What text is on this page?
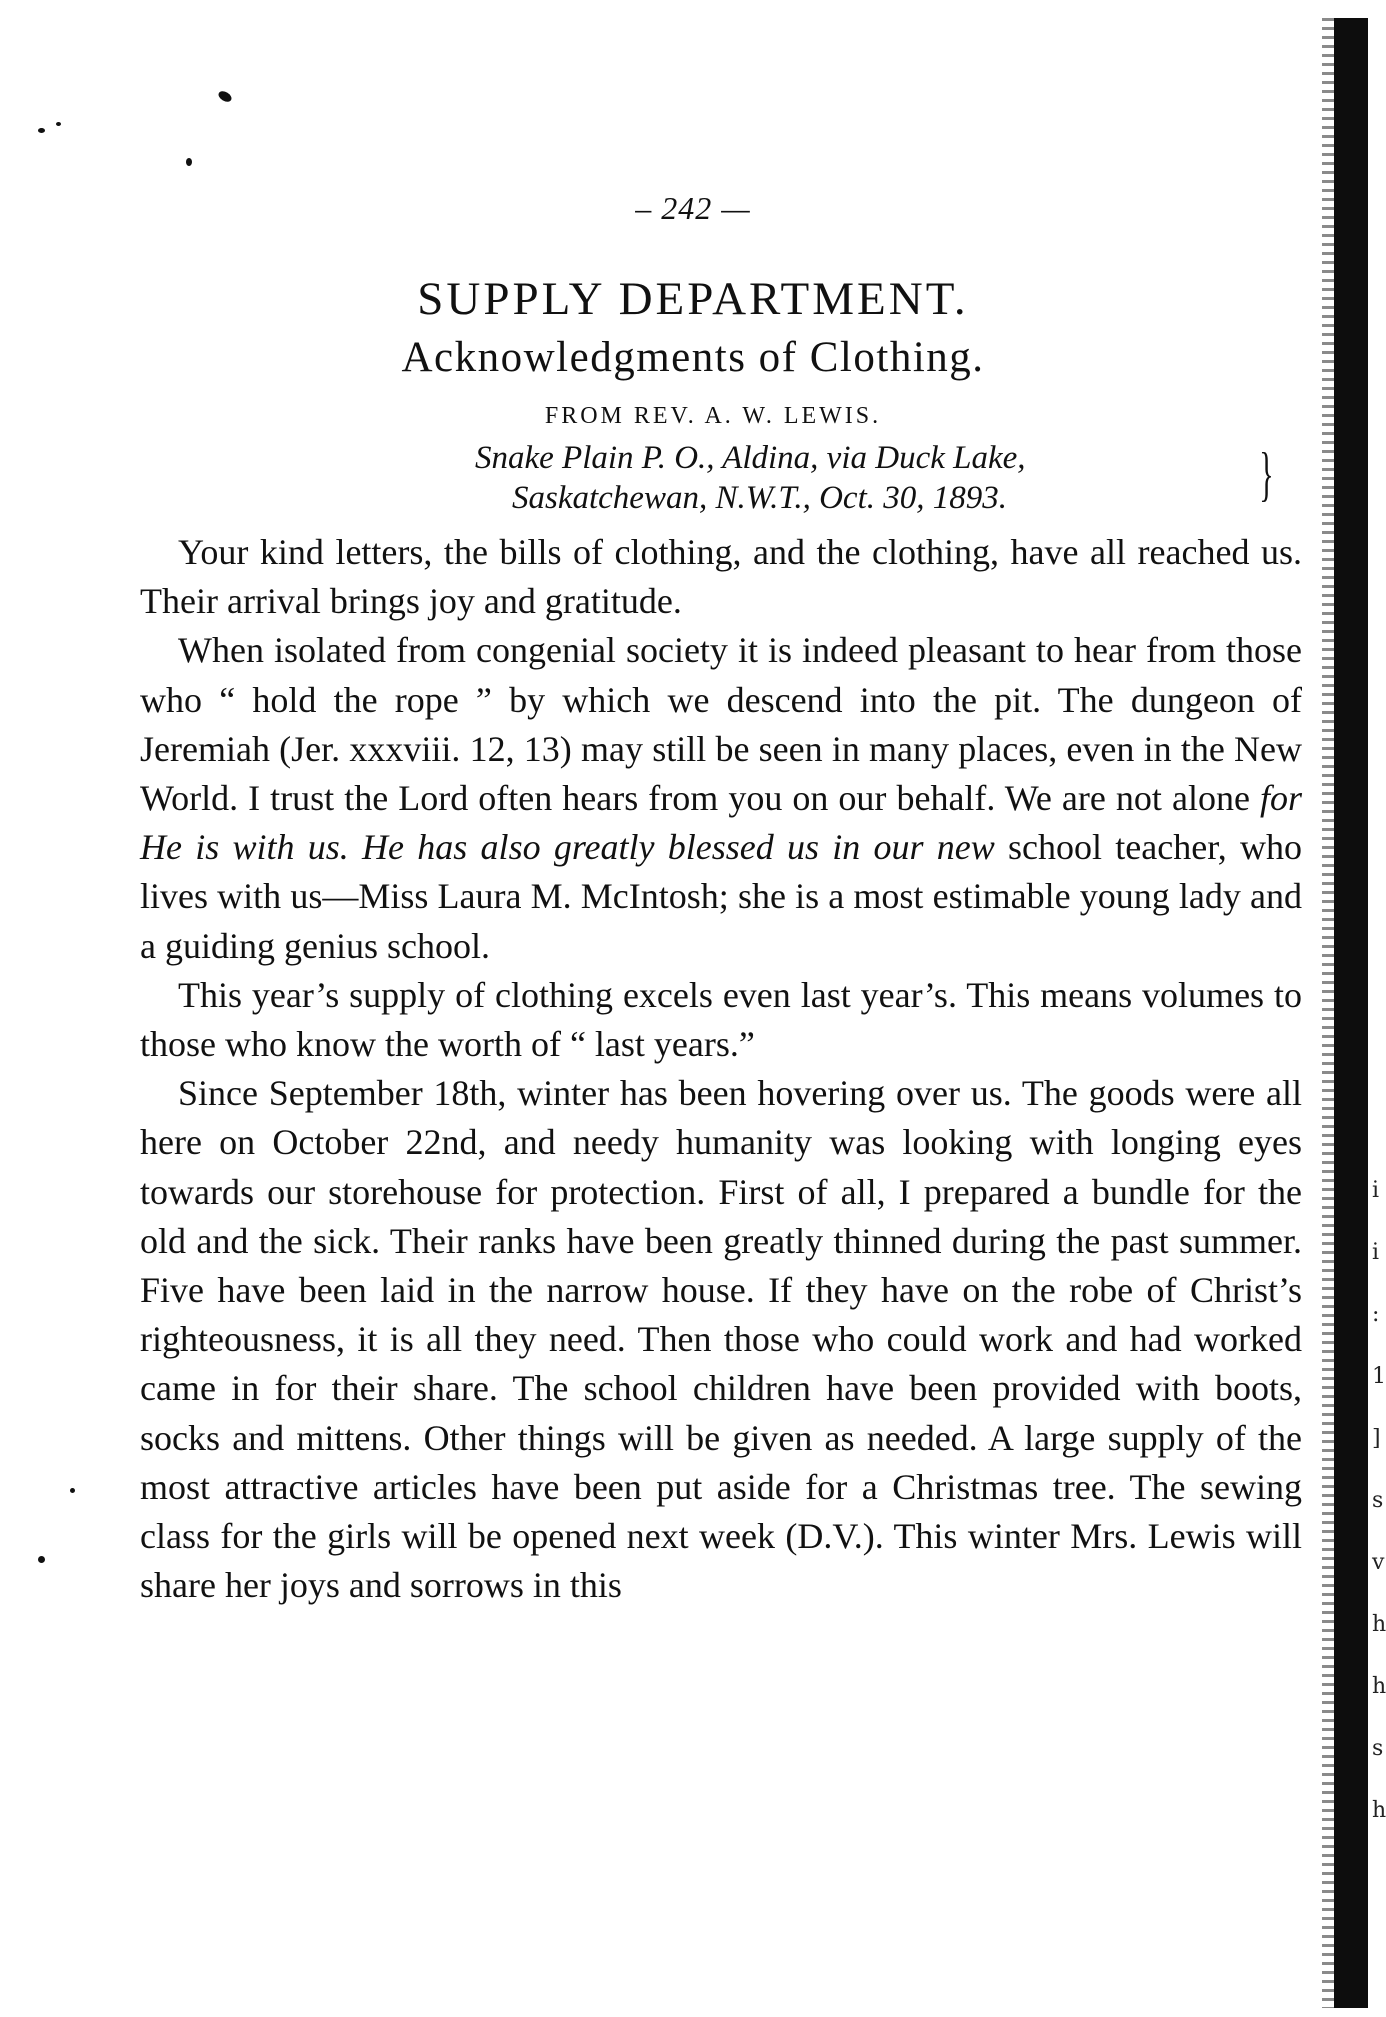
i
i
:
1
]
s
v
h
h
s
h
– 242 —
SUPPLY DEPARTMENT.
Acknowledgments of Clothing.
FROM REV. A. W. LEWIS.
Snake Plain P. O., Aldina, via Duck Lake,
Saskatchewan, N.W.T., Oct. 30, 1893.	}

Your kind letters, the bills of clothing, and the clothing, have all reached us. Their arrival brings joy and gratitude.

When isolated from congenial society it is indeed pleasant to hear from those who “ hold the rope ” by which we descend into the pit. The dungeon of Jeremiah (Jer. xxxviii. 12, 13) may still be seen in many places, even in the New World. I trust the Lord often hears from you on our behalf. We are not alone for He is with us. He has also greatly blessed us in our new school teacher, who lives with us—Miss Laura M. McIntosh; she is a most estimable young lady and a guiding genius school.

This year’s supply of clothing excels even last year’s. This means volumes to those who know the worth of “ last years.”

Since September 18th, winter has been hovering over us. The goods were all here on October 22nd, and needy humanity was looking with longing eyes towards our storehouse for protection. First of all, I prepared a bundle for the old and the sick. Their ranks have been greatly thinned during the past summer. Five have been laid in the narrow house. If they have on the robe of Christ’s righteousness, it is all they need. Then those who could work and had worked came in for their share. The school children have been provided with boots, socks and mittens. Other things will be given as needed. A large supply of the most attractive articles have been put aside for a Christmas tree. The sewing class for the girls will be opened next week (D.V.). This winter Mrs. Lewis will share her joys and sorrows in this
